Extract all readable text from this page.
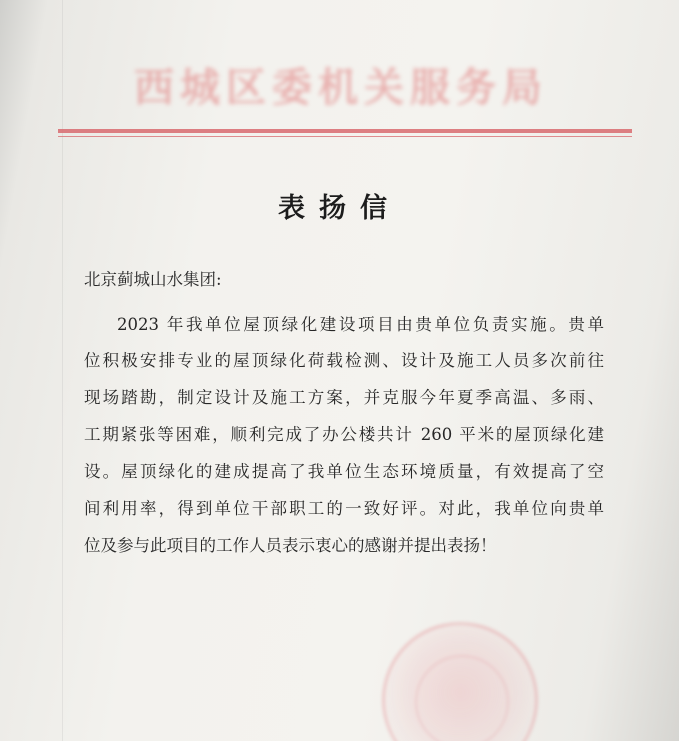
西城区委机关服务局
表扬信

北京蓟城山水集团:

2023 年我单位屋顶绿化建设项目由贵单位负责实施。贵单

位积极安排专业的屋顶绿化荷载检测、设计及施工人员多次前往

现场踏勘，制定设计及施工方案，并克服今年夏季高温、多雨、

工期紧张等困难，顺利完成了办公楼共计 260 平米的屋顶绿化建

设。屋顶绿化的建成提高了我单位生态环境质量，有效提高了空

间利用率，得到单位干部职工的一致好评。对此，我单位向贵单

位及参与此项目的工作人员表示衷心的感谢并提出表扬！
